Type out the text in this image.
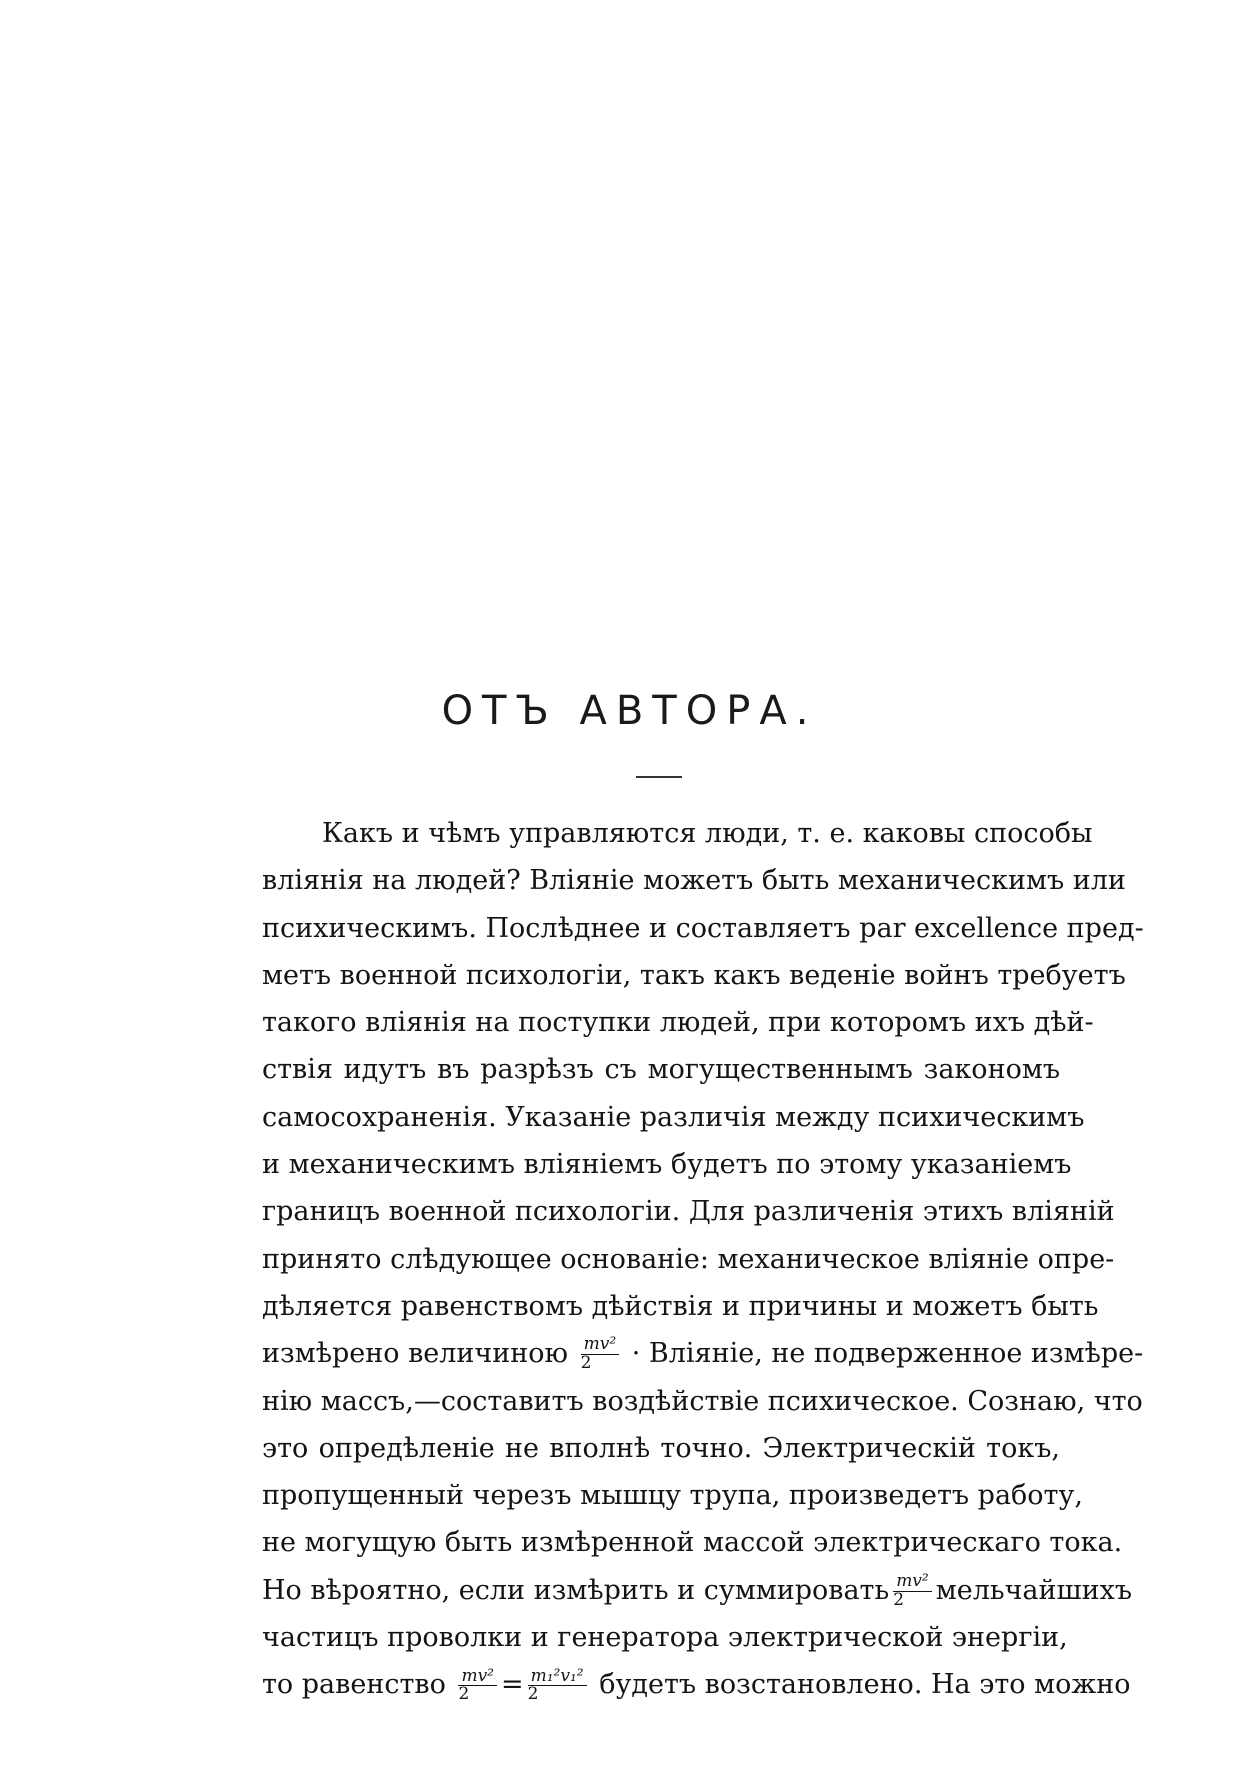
ОТЪ АВТОРА.
Какъ и чѣмъ управляются люди, т. е. каковы способы
вліянія на людей? Вліяніе можетъ быть механическимъ или
психическимъ. Послѣднее и составляетъ par excellence пред-
метъ военной психологіи, такъ какъ веденіе войнъ требуетъ
такого вліянія на поступки людей, при которомъ ихъ дѣй-
ствія идутъ въ разрѣзъ съ могущественнымъ закономъ
самосохраненія. Указаніе различія между психическимъ
и механическимъ вліяніемъ будетъ по этому указаніемъ
границъ военной психологіи. Для различенія этихъ вліяній
принято слѣдующее основаніе: механическое вліяніе опре-
дѣляется равенствомъ дѣйствія и причины и можетъ быть
измѣрено величиною $\frac{\text{mv²}}{2}$ · Вліяніе, не подверженное измѣре-
нію массъ,—составитъ воздѣйствіе психическое. Сознаю, что
это опредѣленіе не вполнѣ точно. Электрическій токъ,
пропущенный черезъ мышцу трупа, произведетъ работу,
не могущую быть измѣренной массой электрическаго тока.
Но вѣроятно, если измѣрить и суммировать $\frac{\text{mv²}}{2}$ мельчайшихъ
частицъ проволки и генератора электрической энергіи,
то равенство $\frac{\text{mv²}}{2} = \frac{\text{m₁²v₁²}}{2}$ будетъ возстановлено. На это можно
